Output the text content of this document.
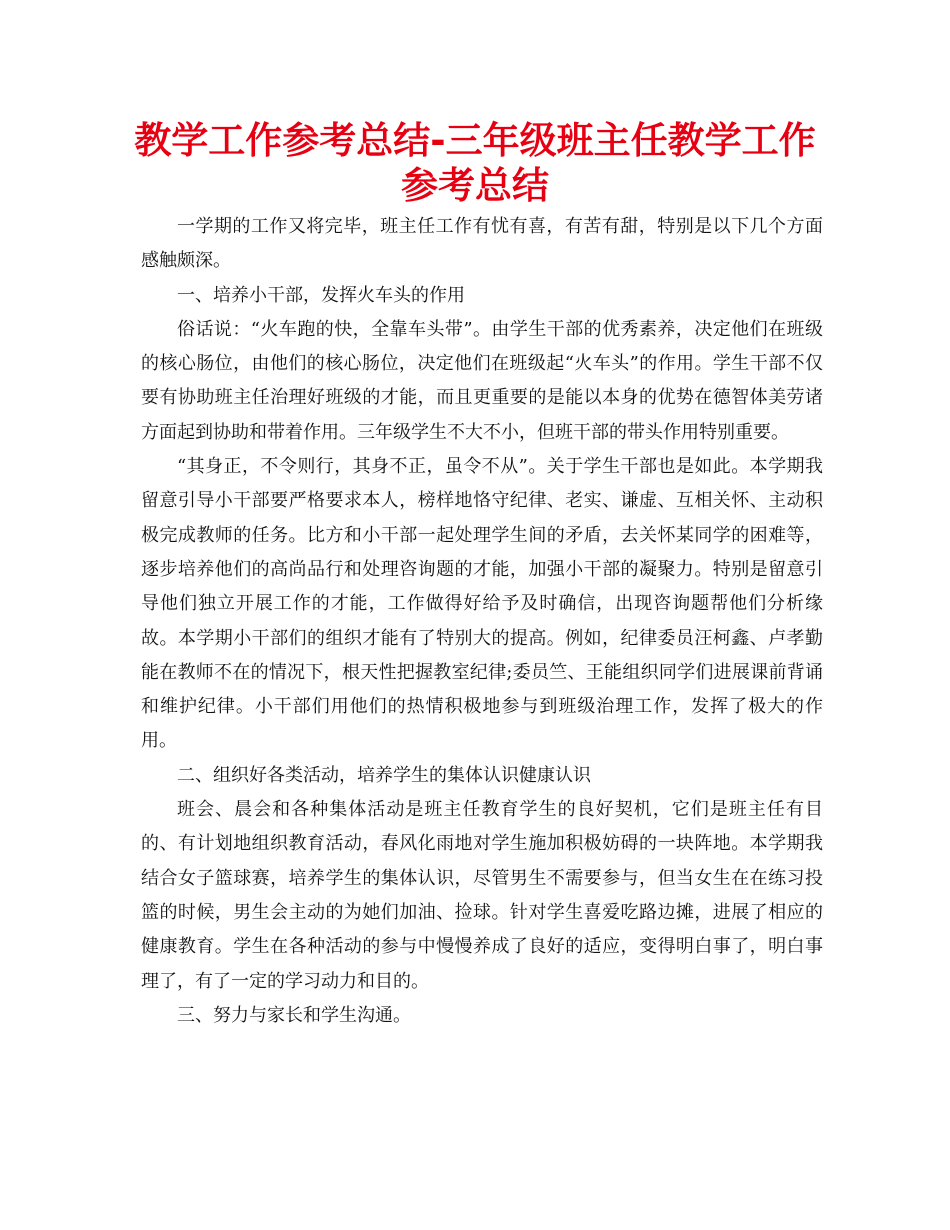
教学工作参考总结-三年级班主任教学工作参考总结

一学期的工作又将完毕，班主任工作有忧有喜，有苦有甜，特别是以下几个方面感触颇深。

一、培养小干部，发挥火车头的作用

俗话说：“火车跑的快，全靠车头带”。由学生干部的优秀素养，决定他们在班级的核心肠位，由他们的核心肠位，决定他们在班级起“火车头”的作用。学生干部不仅要有协助班主任治理好班级的才能，而且更重要的是能以本身的优势在德智体美劳诸方面起到协助和带着作用。三年级学生不大不小，但班干部的带头作用特别重要。

“其身正，不令则行，其身不正，虽令不从”。关于学生干部也是如此。本学期我留意引导小干部要严格要求本人，榜样地恪守纪律、老实、谦虚、互相关怀、主动积极完成教师的任务。比方和小干部一起处理学生间的矛盾，去关怀某同学的困难等，逐步培养他们的高尚品行和处理咨询题的才能，加强小干部的凝聚力。特别是留意引导他们独立开展工作的才能，工作做得好给予及时确信，出现咨询题帮他们分析缘故。本学期小干部们的组织才能有了特别大的提高。例如，纪律委员汪柯鑫、卢孝勤能在教师不在的情况下，根天性把握教室纪律;委员竺、王能组织同学们进展课前背诵和维护纪律。小干部们用他们的热情积极地参与到班级治理工作，发挥了极大的作用。

二、组织好各类活动，培养学生的集体认识健康认识

班会、晨会和各种集体活动是班主任教育学生的良好契机，它们是班主任有目的、有计划地组织教育活动，春风化雨地对学生施加积极妨碍的一块阵地。本学期我结合女子篮球赛，培养学生的集体认识，尽管男生不需要参与，但当女生在在练习投篮的时候，男生会主动的为她们加油、捡球。针对学生喜爱吃路边摊，进展了相应的健康教育。学生在各种活动的参与中慢慢养成了良好的适应，变得明白事了，明白事理了，有了一定的学习动力和目的。

三、努力与家长和学生沟通。
